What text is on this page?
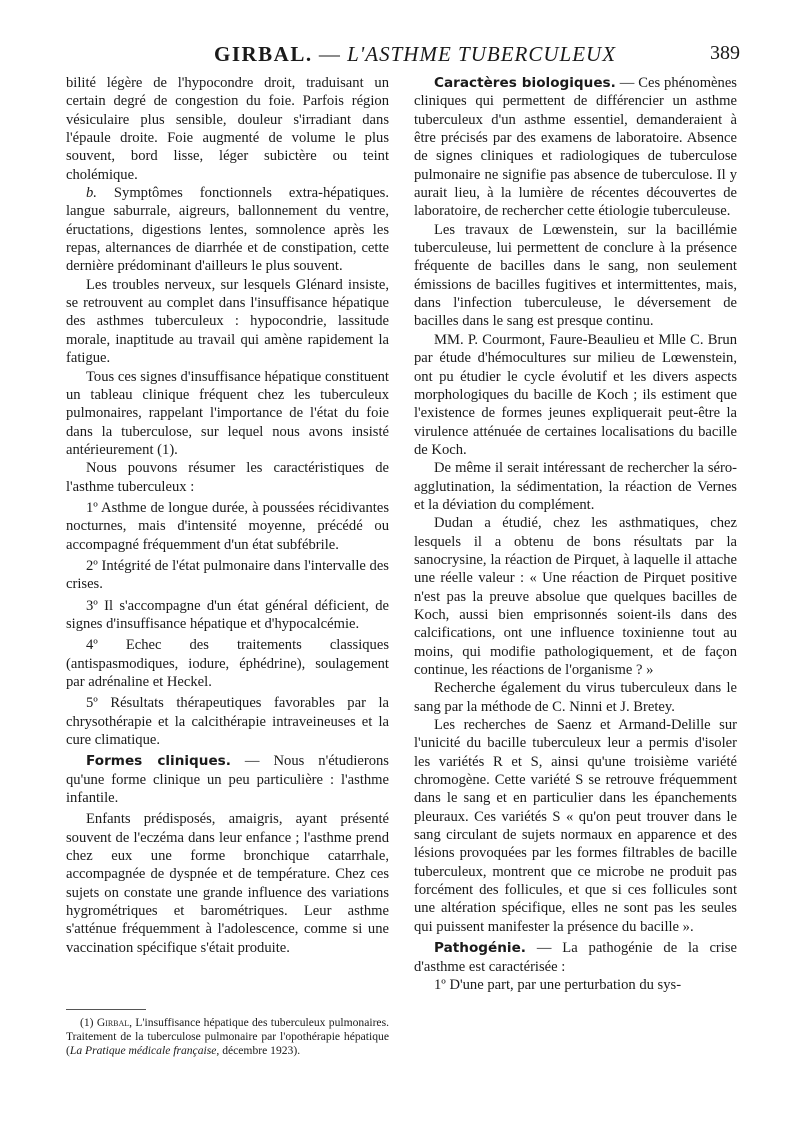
GIRBAL. — L'ASTHME TUBERCULEUX	389

bilité légère de l'hypocondre droit, traduisant un certain degré de congestion du foie. Parfois région vésiculaire plus sensible, douleur s'irradiant dans l'épaule droite. Foie augmenté de volume le plus souvent, bord lisse, léger subictère ou teint cholémique.

b. Symptômes fonctionnels extra-hépatiques. langue saburrale, aigreurs, ballonnement du ventre, éructations, digestions lentes, somnolence après les repas, alternances de diarrhée et de constipation, cette dernière prédominant d'ailleurs le plus souvent.

Les troubles nerveux, sur lesquels Glénard insiste, se retrouvent au complet dans l'insuffisance hépatique des asthmes tuberculeux : hypocondrie, lassitude morale, inaptitude au travail qui amène rapidement la fatigue.

Tous ces signes d'insuffisance hépatique constituent un tableau clinique fréquent chez les tuberculeux pulmonaires, rappelant l'importance de l'état du foie dans la tuberculose, sur lequel nous avons insisté antérieurement (1).

Nous pouvons résumer les caractéristiques de l'asthme tuberculeux :

1º Asthme de longue durée, à poussées récidivantes nocturnes, mais d'intensité moyenne, précédé ou accompagné fréquemment d'un état subfébrile.

2º Intégrité de l'état pulmonaire dans l'intervalle des crises.

3º Il s'accompagne d'un état général déficient, de signes d'insuffisance hépatique et d'hypocalcémie.

4º Echec des traitements classiques (antispasmodiques, iodure, éphédrine), soulagement par adrénaline et Heckel.

5º Résultats thérapeutiques favorables par la chrysothérapie et la calcithérapie intraveineuses et la cure climatique.

Formes cliniques. — Nous n'étudierons qu'une forme clinique un peu particulière : l'asthme infantile.

Enfants prédisposés, amaigris, ayant présenté souvent de l'eczéma dans leur enfance ; l'asthme prend chez eux une forme bronchique catarrhale, accompagnée de dyspnée et de température. Chez ces sujets on constate une grande influence des variations hygrométriques et barométriques. Leur asthme s'atténue fréquemment à l'adolescence, comme si une vaccination spécifique s'était produite.

(1) Girbal, L'insuffisance hépatique des tuberculeux pulmonaires. Traitement de la tuberculose pulmonaire par l'opothérapie hépatique (La Pratique médicale française, décembre 1923).

Caractères biologiques. — Ces phénomènes cliniques qui permettent de différencier un asthme tuberculeux d'un asthme essentiel, demanderaient à être précisés par des examens de laboratoire. Absence de signes cliniques et radiologiques de tuberculose pulmonaire ne signifie pas absence de tuberculose. Il y aurait lieu, à la lumière de récentes découvertes de laboratoire, de rechercher cette étiologie tuberculeuse.

Les travaux de Lœwenstein, sur la bacillémie tuberculeuse, lui permettent de conclure à la présence fréquente de bacilles dans le sang, non seulement émissions de bacilles fugitives et intermittentes, mais, dans l'infection tuberculeuse, le déversement de bacilles dans le sang est presque continu.

MM. P. Courmont, Faure-Beaulieu et Mlle C. Brun par étude d'hémocultures sur milieu de Lœwenstein, ont pu étudier le cycle évolutif et les divers aspects morphologiques du bacille de Koch ; ils estiment que l'existence de formes jeunes expliquerait peut-être la virulence atténuée de certaines localisations du bacille de Koch.

De même il serait intéressant de rechercher la séro-agglutination, la sédimentation, la réaction de Vernes et la déviation du complément.

Dudan a étudié, chez les asthmatiques, chez lesquels il a obtenu de bons résultats par la sanocrysine, la réaction de Pirquet, à laquelle il attache une réelle valeur : « Une réaction de Pirquet positive n'est pas la preuve absolue que quelques bacilles de Koch, aussi bien emprisonnés soient-ils dans des calcifications, ont une influence toxinienne tout au moins, qui modifie pathologiquement, et de façon continue, les réactions de l'organisme ? »

Recherche également du virus tuberculeux dans le sang par la méthode de C. Ninni et J. Bretey.

Les recherches de Saenz et Armand-Delille sur l'unicité du bacille tuberculeux leur a permis d'isoler les variétés R et S, ainsi qu'une troisième variété chromogène. Cette variété S se retrouve fréquemment dans le sang et en particulier dans les épanchements pleuraux. Ces variétés S « qu'on peut trouver dans le sang circulant de sujets normaux en apparence et des lésions provoquées par les formes filtrables de bacille tuberculeux, montrent que ce microbe ne produit pas forcément des follicules, et que si ces follicules sont une altération spécifique, elles ne sont pas les seules qui puissent manifester la présence du bacille ».

Pathogénie. — La pathogénie de la crise d'asthme est caractérisée :

1º D'une part, par une perturbation du sys-
